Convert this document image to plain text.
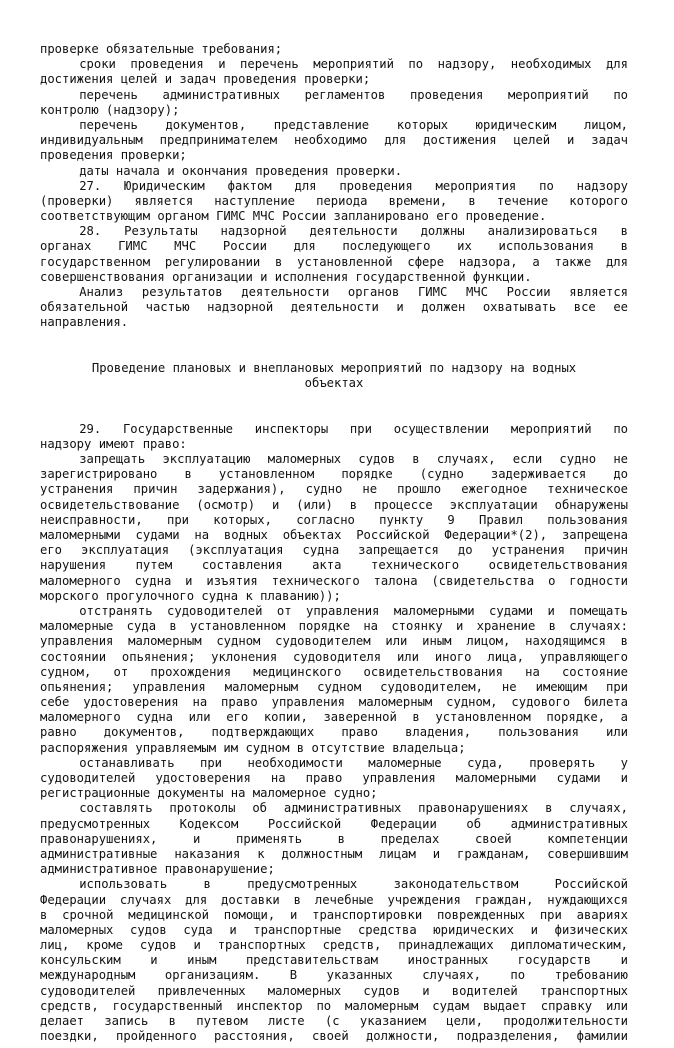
проверке обязательные требования;
сроки проведения и перечень мероприятий по надзору, необходимых для
достижения целей и задач проведения проверки;
перечень административных регламентов проведения мероприятий по
контролю (надзору);
перечень документов, представление которых юридическим лицом,
индивидуальным предпринимателем необходимо для достижения целей и задач
проведения проверки;
даты начала и окончания проведения проверки.
27. Юридическим фактом для проведения мероприятия по надзору
(проверки) является наступление периода времени, в течение которого
соответствующим органом ГИМС МЧС России запланировано его проведение.
28. Результаты надзорной деятельности должны анализироваться в
органах ГИМС МЧС России для последующего их использования в
государственном регулировании в установленной сфере надзора, а также для
совершенствования организации и исполнения государственной функции.
Анализ результатов деятельности органов ГИМС МЧС России является
обязательной частью надзорной деятельности и должен охватывать все ее
направления.
Проведение плановых и внеплановых мероприятий по надзору на водных
объектах
29. Государственные инспекторы при осуществлении мероприятий по
надзору имеют право:
запрещать эксплуатацию маломерных судов в случаях, если судно не
зарегистрировано в установленном порядке (судно задерживается до
устранения причин задержания), судно не прошло ежегодное техническое
освидетельствование (осмотр) и (или) в процессе эксплуатации обнаружены
неисправности, при которых, согласно пункту 9 Правил пользования
маломерными судами на водных объектах Российской Федерации*(2), запрещена
его эксплуатация (эксплуатация судна запрещается до устранения причин
нарушения путем составления акта технического освидетельствования
маломерного судна и изъятия технического талона (свидетельства о годности
морского прогулочного судна к плаванию));
отстранять судоводителей от управления маломерными судами и помещать
маломерные суда в установленном порядке на стоянку и хранение в случаях:
управления маломерным судном судоводителем или иным лицом, находящимся в
состоянии опьянения; уклонения судоводителя или иного лица, управляющего
судном, от прохождения медицинского освидетельствования на состояние
опьянения; управления маломерным судном судоводителем, не имеющим при
себе удостоверения на право управления маломерным судном, судового билета
маломерного судна или его копии, заверенной в установленном порядке, а
равно документов, подтверждающих право владения, пользования или
распоряжения управляемым им судном в отсутствие владельца;
останавливать при необходимости маломерные суда, проверять у
судоводителей удостоверения на право управления маломерными судами и
регистрационные документы на маломерное судно;
составлять протоколы об административных правонарушениях в случаях,
предусмотренных Кодексом Российской Федерации об административных
правонарушениях, и применять в пределах своей компетенции
административные наказания к должностным лицам и гражданам, совершившим
административное правонарушение;
использовать в предусмотренных законодательством Российской
Федерации случаях для доставки в лечебные учреждения граждан, нуждающихся
в срочной медицинской помощи, и транспортировки поврежденных при авариях
маломерных судов суда и транспортные средства юридических и физических
лиц, кроме судов и транспортных средств, принадлежащих дипломатическим,
консульским и иным представительствам иностранных государств и
международным организациям. В указанных случаях, по требованию
судоводителей привлеченных маломерных судов и водителей транспортных
средств, государственный инспектор по маломерным судам выдает справку или
делает запись в путевом листе (с указанием цели, продолжительности
поездки, пройденного расстояния, своей должности, подразделения, фамилии
